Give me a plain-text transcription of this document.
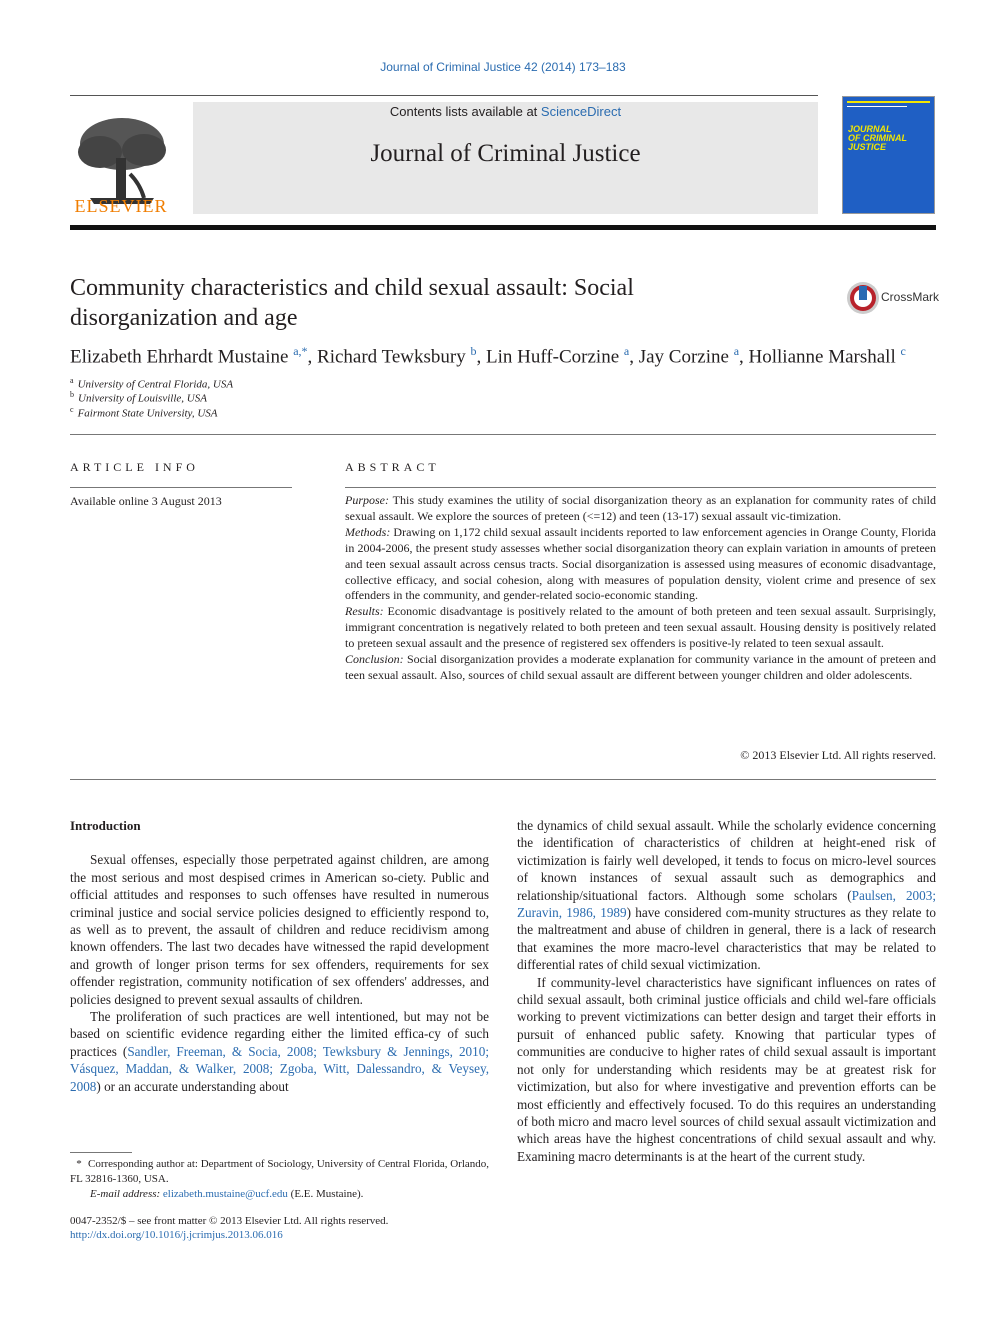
Journal of Criminal Justice 42 (2014) 173–183
ELSEVIER
Contents lists available at ScienceDirect
Journal of Criminal Justice
JOURNAL
OF CRIMINAL
JUSTICE
Community characteristics and child sexual assault: Social
disorganization and age
CrossMark
Elizabeth Ehrhardt Mustaine $^{a,*}$, Richard Tewksbury $^b$, Lin Huff-Corzine $^a$, Jay Corzine $^a$, Hollianne Marshall $^c$
$^a$ University of Central Florida, USA
$^b$ University of Louisville, USA
$^c$ Fairmont State University, USA
ARTICLE INFO
Available online 3 August 2013
ABSTRACT

Purpose: This study examines the utility of social disorganization theory as an explanation for community rates of child sexual assault. We explore the sources of preteen (<=12) and teen (13-17) sexual assault vic-timization.

Methods: Drawing on 1,172 child sexual assault incidents reported to law enforcement agencies in Orange County, Florida in 2004-2006, the present study assesses whether social disorganization theory can explain variation in amounts of preteen and teen sexual assault across census tracts. Social disorganization is assessed using measures of economic disadvantage, collective efficacy, and social cohesion, along with measures of population density, violent crime and presence of sex offenders in the community, and gender-related socio-economic standing.

Results: Economic disadvantage is positively related to the amount of both preteen and teen sexual assault. Surprisingly, immigrant concentration is negatively related to both preteen and teen sexual assault. Housing density is positively related to preteen sexual assault and the presence of registered sex offenders is positive-ly related to teen sexual assault.

Conclusion: Social disorganization provides a moderate explanation for community variance in the amount of preteen and teen sexual assault. Also, sources of child sexual assault are different between younger children and older adolescents.

© 2013 Elsevier Ltd. All rights reserved.
Introduction

Sexual offenses, especially those perpetrated against children, are among the most serious and most despised crimes in American so-ciety. Public and official attitudes and responses to such offenses have resulted in numerous criminal justice and social service policies designed to efficiently respond to, as well as to prevent, the assault of children and reduce recidivism among known offenders. The last two decades have witnessed the rapid development and growth of longer prison terms for sex offenders, requirements for sex offender registration, community notification of sex offenders' addresses, and policies designed to prevent sexual assaults of children.

The proliferation of such practices are well intentioned, but may not be based on scientific evidence regarding either the limited effica-cy of such practices (Sandler, Freeman, & Socia, 2008; Tewksbury & Jennings, 2010; Vásquez, Maddan, & Walker, 2008; Zgoba, Witt, Dalessandro, & Veysey, 2008) or an accurate understanding about

* Corresponding author at: Department of Sociology, University of Central Florida, Orlando, FL 32816-1360, USA.
E-mail address: elizabeth.mustaine@ucf.edu (E.E. Mustaine).
0047-2352/$ – see front matter © 2013 Elsevier Ltd. All rights reserved.
http://dx.doi.org/10.1016/j.jcrimjus.2013.06.016

the dynamics of child sexual assault. While the scholarly evidence concerning the identification of characteristics of children at height-ened risk of victimization is fairly well developed, it tends to focus on micro-level sources of known instances of sexual assault such as demographics and relationship/situational factors. Although some scholars (Paulsen, 2003; Zuravin, 1986, 1989) have considered com-munity structures as they relate to the maltreatment and abuse of children in general, there is a lack of research that examines the more macro-level characteristics that may be related to differential rates of child sexual victimization.

If community-level characteristics have significant influences on rates of child sexual assault, both criminal justice officials and child wel-fare officials working to prevent victimizations can better design and target their efforts in pursuit of enhanced public safety. Knowing that particular types of communities are conducive to higher rates of child sexual assault is important not only for understanding which residents may be at greatest risk for victimization, but also for where investigative and prevention efforts can be most efficiently and effectively focused. To do this requires an understanding of both micro and macro level sources of child sexual assault victimization and which areas have the highest concentrations of child sexual assault and why. Examining macro determinants is at the heart of the current study.
